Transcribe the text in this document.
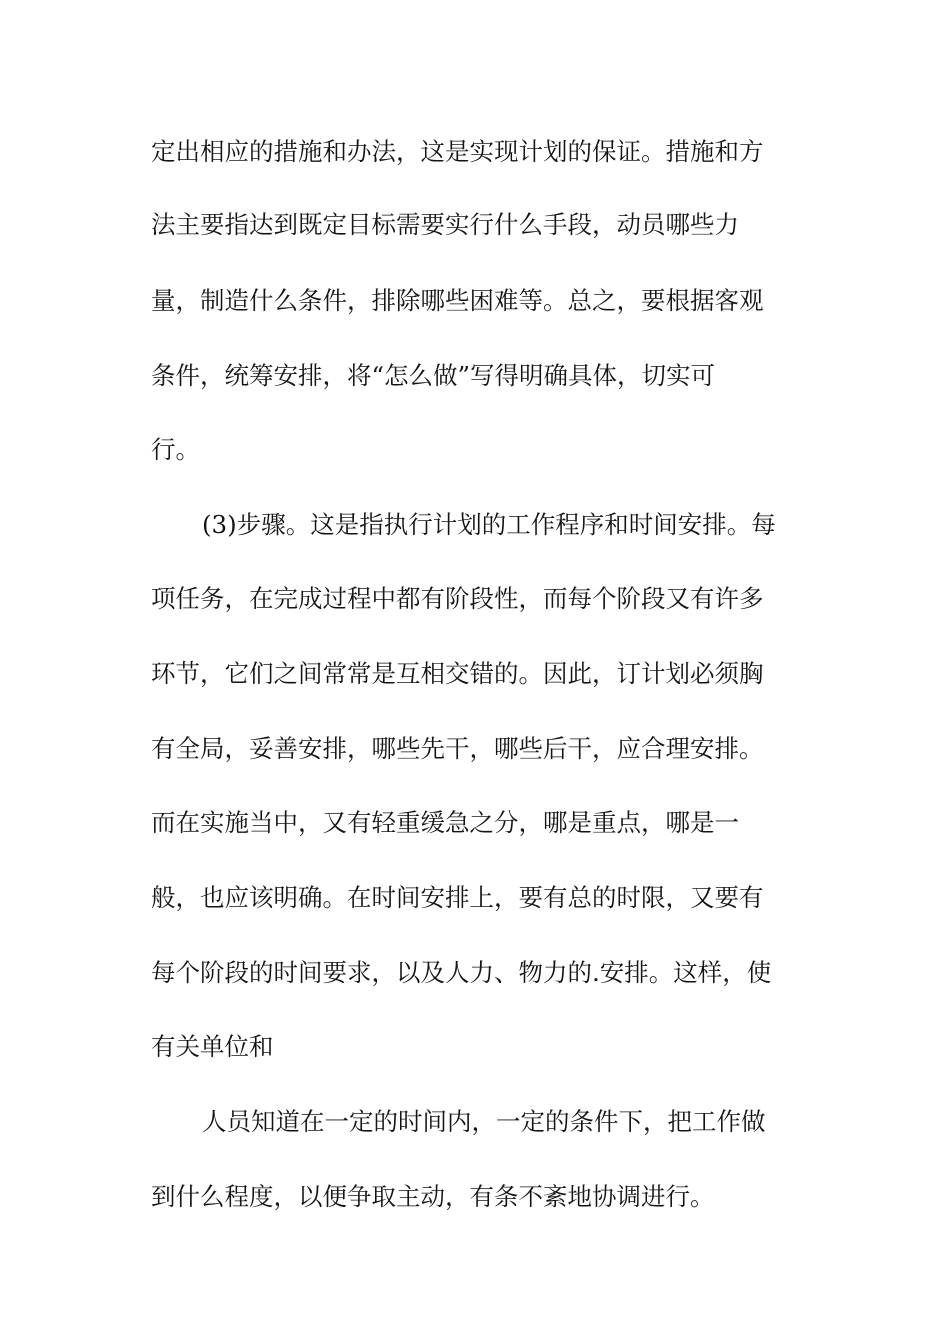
定出相应的措施和办法，这是实现计划的保证。措施和方

法主要指达到既定目标需要实行什么手段，动员哪些力

量，制造什么条件，排除哪些困难等。总之，要根据客观

条件，统筹安排，将“怎么做”写得明确具体，切实可

行。

(3)步骤。这是指执行计划的工作程序和时间安排。每

项任务，在完成过程中都有阶段性，而每个阶段又有许多

环节，它们之间常常是互相交错的。因此，订计划必须胸

有全局，妥善安排，哪些先干，哪些后干，应合理安排。

而在实施当中，又有轻重缓急之分，哪是重点，哪是一

般，也应该明确。在时间安排上，要有总的时限，又要有

每个阶段的时间要求，以及人力、物力的.安排。这样，使

有关单位和

人员知道在一定的时间内，一定的条件下，把工作做

到什么程度，以便争取主动，有条不紊地协调进行。
